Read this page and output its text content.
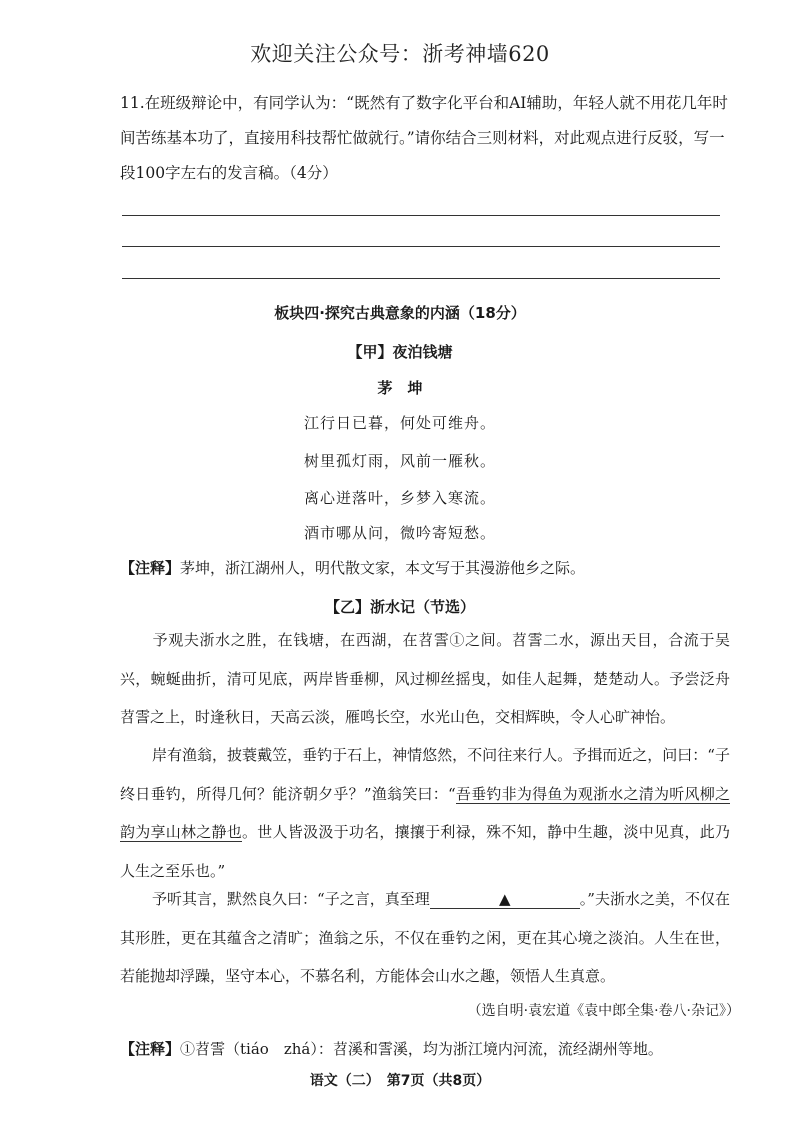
欢迎关注公众号：浙考神墙620
11.在班级辩论中，有同学认为：“既然有了数字化平台和AI辅助，年轻人就不用花几年时间苦练基本功了，直接用科技帮忙做就行。”请你结合三则材料，对此观点进行反驳，写一段100字左右的发言稿。（4分）
板块四·探究古典意象的内涵（18分）
【甲】夜泊钱塘
茅　坤
江行日已暮，何处可维舟。
树里孤灯雨，风前一雁秋。
离心迸落叶，乡梦入寒流。
酒市哪从问，微吟寄短愁。
【注释】茅坤，浙江湖州人，明代散文家，本文写于其漫游他乡之际。
【乙】浙水记（节选）
予观夫浙水之胜，在钱塘，在西湖，在苕霅①之间。苕霅二水，源出天目，合流于吴兴，蜿蜒曲折，清可见底，两岸皆垂柳，风过柳丝摇曳，如佳人起舞，楚楚动人。予尝泛舟苕霅之上，时逢秋日，天高云淡，雁鸣长空，水光山色，交相辉映，令人心旷神怡。
岸有渔翁，披蓑戴笠，垂钓于石上，神情悠然，不问往来行人。予揖而近之，问曰：“子终日垂钓，所得几何？能济朝夕乎？”渔翁笑曰：“吾垂钓非为得鱼为观浙水之清为听风柳之韵为享山林之静也。世人皆汲汲于功名，攘攘于利禄，殊不知，静中生趣，淡中见真，此乃人生之至乐也。”
予听其言，默然良久曰：“子之言，真至理	▲	。”夫浙水之美，不仅在其形胜，更在其蕴含之清旷；渔翁之乐，不仅在垂钓之闲，更在其心境之淡泊。人生在世，若能抛却浮躁，坚守本心，不慕名利，方能体会山水之趣，领悟人生真意。
（选自明·袁宏道《袁中郎全集·卷八·杂记》）
【注释】①苕霅（tiáo　zhá）：苕溪和霅溪，均为浙江境内河流，流经湖州等地。
语文（二）　第7页（共8页）
